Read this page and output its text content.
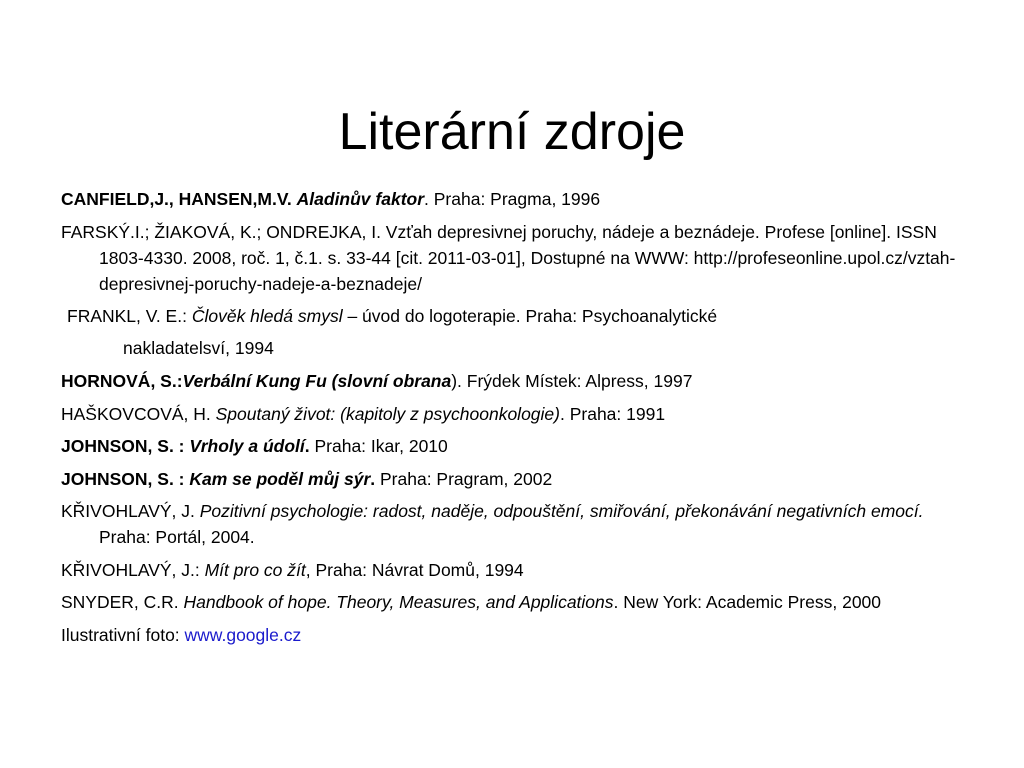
Literární zdroje

CANFIELD,J., HANSEN,M.V. Aladinův faktor. Praha: Pragma, 1996

FARSKÝ.I.; ŽIAKOVÁ, K.; ONDREJKA, I. Vzťah depresivnej poruchy, nádeje a beznádeje. Profese [online]. ISSN 1803-4330. 2008, roč. 1, č.1. s. 33-44 [cit. 2011-03-01], Dostupné na WWW: http://profeseonline.upol.cz/vztah-depresivnej-poruchy-nadeje-a-beznadeje/

FRANKL, V. E.: Člověk hledá smysl – úvod do logoterapie. Praha: Psychoanalytické

nakladatelsví, 1994

HORNOVÁ, S.:Verbální Kung Fu (slovní obrana). Frýdek Místek: Alpress, 1997

HAŠKOVCOVÁ, H. Spoutaný život: (kapitoly z psychoonkologie). Praha: 1991

JOHNSON, S. : Vrholy a údolí. Praha: Ikar, 2010

JOHNSON, S. : Kam se poděl můj sýr. Praha: Pragram, 2002

KŘIVOHLAVÝ, J. Pozitivní psychologie: radost, naděje, odpouštění, smiřování, překonávání negativních emocí. Praha: Portál, 2004.

KŘIVOHLAVÝ, J.: Mít pro co žít, Praha: Návrat Domů, 1994

SNYDER, C.R. Handbook of hope. Theory, Measures, and Applications. New York: Academic Press, 2000

Ilustrativní foto: www.google.cz
